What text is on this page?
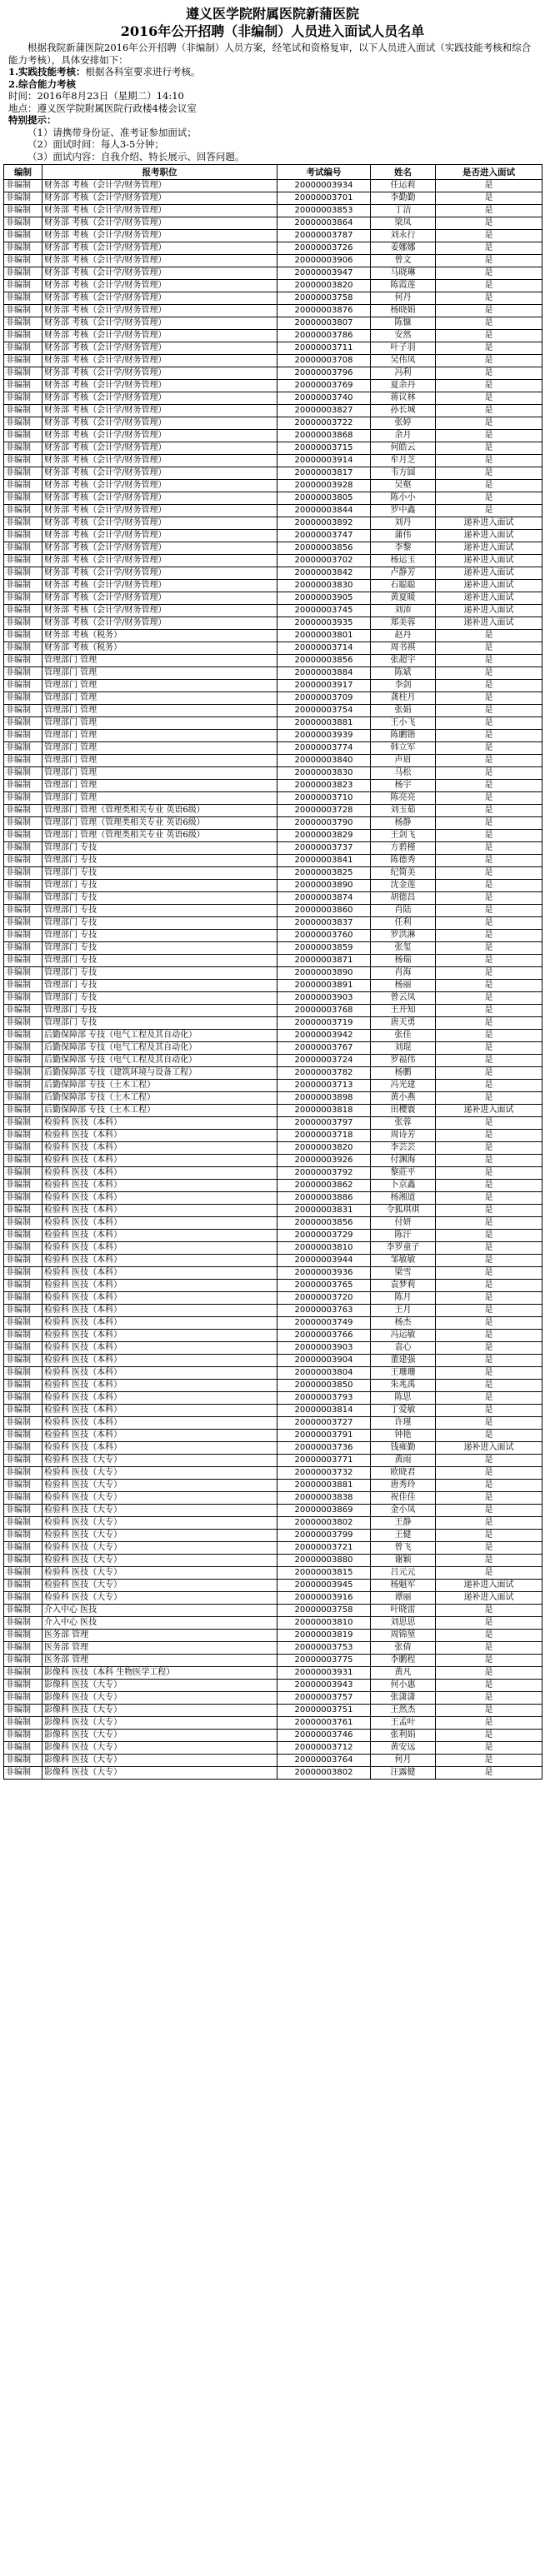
遵义医学院附属医院新蒲医院
2016年公开招聘（非编制）人员进入面试人员名单

根据我院新蒲医院2016年公开招聘（非编制）人员方案，经笔试和资格复审，以下人员进入面试（实践技能考核和综合能力考核），具体安排如下：

1.实践技能考核：根据各科室要求进行考核。

2.综合能力考核

时间：2016年8月23日（星期二）14:10

地点：遵义医学院附属医院行政楼4楼会议室

特别提示：

（1）请携带身份证、准考证参加面试；

（2）面试时间：每人3-5分钟；

（3）面试内容：自我介绍、特长展示、回答问题。

编制	报考职位	考试编号	姓名	是否进入面试
非编制	财务部 考核（会计学/财务管理）	20000003934	任运莉	是
非编制	财务部 考核（会计学/财务管理）	20000003701	李勤勤	是
非编制	财务部 考核（会计学/财务管理）	20000003853	丁洁	是
非编制	财务部 考核（会计学/财务管理）	20000003864	梁凤	是
非编制	财务部 考核（会计学/财务管理）	20000003787	刘永行	是
非编制	财务部 考核（会计学/财务管理）	20000003726	姜娜娜	是
非编制	财务部 考核（会计学/财务管理）	20000003906	曾文	是
非编制	财务部 考核（会计学/财务管理）	20000003947	马晓琳	是
非编制	财务部 考核（会计学/财务管理）	20000003820	陈霞莲	是
非编制	财务部 考核（会计学/财务管理）	20000003758	何丹	是
非编制	财务部 考核（会计学/财务管理）	20000003876	杨晓娟	是
非编制	财务部 考核（会计学/财务管理）	20000003807	陈慷	是
非编制	财务部 考核（会计学/财务管理）	20000003786	安然	是
非编制	财务部 考核（会计学/财务管理）	20000003711	叶子羽	是
非编制	财务部 考核（会计学/财务管理）	20000003708	吴伟凤	是
非编制	财务部 考核（会计学/财务管理）	20000003796	冯利	是
非编制	财务部 考核（会计学/财务管理）	20000003769	夏余丹	是
非编制	财务部 考核（会计学/财务管理）	20000003740	蒋议林	是
非编制	财务部 考核（会计学/财务管理）	20000003827	孙长城	是
非编制	财务部 考核（会计学/财务管理）	20000003722	张婷	是
非编制	财务部 考核（会计学/财务管理）	20000003868	余月	是
非编制	财务部 考核（会计学/财务管理）	20000003715	何皓云	是
非编制	财务部 考核（会计学/财务管理）	20000003914	牟月芝	是
非编制	财务部 考核（会计学/财务管理）	20000003817	韦方圆	是
非编制	财务部 考核（会计学/财务管理）	20000003928	吴壑	是
非编制	财务部 考核（会计学/财务管理）	20000003805	陈小小	是
非编制	财务部 考核（会计学/财务管理）	20000003844	罗中鑫	是
非编制	财务部 考核（会计学/财务管理）	20000003892	刘丹	递补进入面试
非编制	财务部 考核（会计学/财务管理）	20000003747	蒲伟	递补进入面试
非编制	财务部 考核（会计学/财务管理）	20000003856	李黎	递补进入面试
非编制	财务部 考核（会计学/财务管理）	20000003702	杨运玉	递补进入面试
非编制	财务部 考核（会计学/财务管理）	20000003842	卢静芳	递补进入面试
非编制	财务部 考核（会计学/财务管理）	20000003830	石聪聪	递补进入面试
非编制	财务部 考核（会计学/财务管理）	20000003905	黄夏暖	递补进入面试
非编制	财务部 考核（会计学/财务管理）	20000003745	刘沛	递补进入面试
非编制	财务部 考核（会计学/财务管理）	20000003935	郑美蓉	递补进入面试
非编制	财务部 考核（税务）	20000003801	赵丹	是
非编制	财务部 考核（税务）	20000003714	周书祺	是
非编制	管理部门 管理	20000003856	张超宇	是
非编制	管理部门 管理	20000003884	陈斌	是
非编制	管理部门 管理	20000003917	李剑	是
非编制	管理部门 管理	20000003709	龚柱月	是
非编制	管理部门 管理	20000003754	张娟	是
非编制	管理部门 管理	20000003881	王小飞	是
非编制	管理部门 管理	20000003939	陈鹏锴	是
非编制	管理部门 管理	20000003774	韩立军	是
非编制	管理部门 管理	20000003840	声眉	是
非编制	管理部门 管理	20000003830	马松	是
非编制	管理部门 管理	20000003823	杨宇	是
非编制	管理部门 管理	20000003710	陈亮亮	是
非编制	管理部门 管理（管理类相关专业 英语6级）	20000003728	刘玉茹	是
非编制	管理部门 管理（管理类相关专业 英语6级）	20000003790	杨静	是
非编制	管理部门 管理（管理类相关专业 英语6级）	20000003829	王剑飞	是
非编制	管理部门 专技	20000003737	方碧槿	是
非编制	管理部门 专技	20000003841	陈德秀	是
非编制	管理部门 专技	20000003825	纪简美	是
非编制	管理部门 专技	20000003890	沈金莲	是
非编制	管理部门 专技	20000003874	胡德昌	是
非编制	管理部门 专技	20000003860	肖陆	是
非编制	管理部门 专技	20000003837	任利	是
非编制	管理部门 专技	20000003760	罗洪淋	是
非编制	管理部门 专技	20000003859	张玺	是
非编制	管理部门 专技	20000003871	杨瑞	是
非编制	管理部门 专技	20000003890	肖海	是
非编制	管理部门 专技	20000003891	杨丽	是
非编制	管理部门 专技	20000003903	曾云凤	是
非编制	管理部门 专技	20000003768	王开知	是
非编制	管理部门 专技	20000003719	唐天勇	是
非编制	后勤保障部 专技（电气工程及其自动化）	20000003942	张佳	是
非编制	后勤保障部 专技（电气工程及其自动化）	20000003767	刘琨	是
非编制	后勤保障部 专技（电气工程及其自动化）	20000003724	罗福伟	是
非编制	后勤保障部 专技（建筑环境与设备工程）	20000003782	杨鹏	是
非编制	后勤保障部 专技（土木工程）	20000003713	冯光建	是
非编制	后勤保障部 专技（土木工程）	20000003898	黄小燕	是
非编制	后勤保障部 专技（土木工程）	20000003818	田樱寰	递补进入面试
非编制	检验科 医技（本科）	20000003797	张蓉	是
非编制	检验科 医技（本科）	20000003718	周诗芳	是
非编制	检验科 医技（本科）	20000003820	李芸芸	是
非编制	检验科 医技（本科）	20000003926	付渊海	是
非编制	检验科 医技（本科）	20000003792	黎莊平	是
非编制	检验科 医技（本科）	20000003862	卜京鑫	是
非编制	检验科 医技（本科）	20000003886	杨湘道	是
非编制	检验科 医技（本科）	20000003831	令狐琪琪	是
非编制	检验科 医技（本科）	20000003856	付妍	是
非编制	检验科 医技（本科）	20000003729	陈汗	是
非编制	检验科 医技（本科）	20000003810	李罗童子	是
非编制	检验科 医技（本科）	20000003944	邹敏敏	是
非编制	检验科 医技（本科）	20000003936	梁雪	是
非编制	检验科 医技（本科）	20000003765	袁梦莉	是
非编制	检验科 医技（本科）	20000003720	陈月	是
非编制	检验科 医技（本科）	20000003763	王月	是
非编制	检验科 医技（本科）	20000003749	杨杰	是
非编制	检验科 医技（本科）	20000003766	冯运敏	是
非编制	检验科 医技（本科）	20000003903	袁心	是
非编制	检验科 医技（本科）	20000003904	董建强	是
非编制	检验科 医技（本科）	20000003804	王珊珊	是
非编制	检验科 医技（本科）	20000003850	朱兆禹	是
非编制	检验科 医技（本科）	20000003793	陈思	是
非编制	检验科 医技（本科）	20000003814	丁爱敏	是
非编制	检验科 医技（本科）	20000003727	许瑾	是
非编制	检验科 医技（本科）	20000003791	钟艳	是
非编制	检验科 医技（本科）	20000003736	钱雍勤	递补进入面试
非编制	检验科 医技（大专）	20000003771	黄雨	是
非编制	检验科 医技（大专）	20000003732	欧晓君	是
非编制	检验科 医技（大专）	20000003881	唐秀玲	是
非编制	检验科 医技（大专）	20000003838	祝佳佳	是
非编制	检验科 医技（大专）	20000003869	金小凤	是
非编制	检验科 医技（大专）	20000003802	王静	是
非编制	检验科 医技（大专）	20000003799	王健	是
非编制	检验科 医技（大专）	20000003721	曾飞	是
非编制	检验科 医技（大专）	20000003880	谢颖	是
非编制	检验科 医技（大专）	20000003815	吕元元	是
非编制	检验科 医技（大专）	20000003945	杨魁军	递补进入面试
非编制	检验科 医技（大专）	20000003916	谭丽	递补进入面试
非编制	介入中心 医技	20000003758	叶晓雷	是
非编制	介入中心 医技	20000003810	刘思思	是
非编制	医务部 管理	20000003819	周锦堃	是
非编制	医务部 管理	20000003753	张倩	是
非编制	医务部 管理	20000003775	李鹏程	是
非编制	影像科 医技（本科 生物医学工程）	20000003931	黄凡	是
非编制	影像科 医技（大专）	20000003943	何小惠	是
非编制	影像科 医技（大专）	20000003757	张潇潇	是
非编制	影像科 医技（大专）	20000003751	王然杰	是
非编制	影像科 医技（大专）	20000003761	王孟叶	是
非编制	影像科 医技（大专）	20000003746	张利娟	是
非编制	影像科 医技（大专）	20000003712	黄安远	是
非编制	影像科 医技（大专）	20000003764	何月	是
非编制	影像科 医技（大专）	20000003802	汪露健	是
